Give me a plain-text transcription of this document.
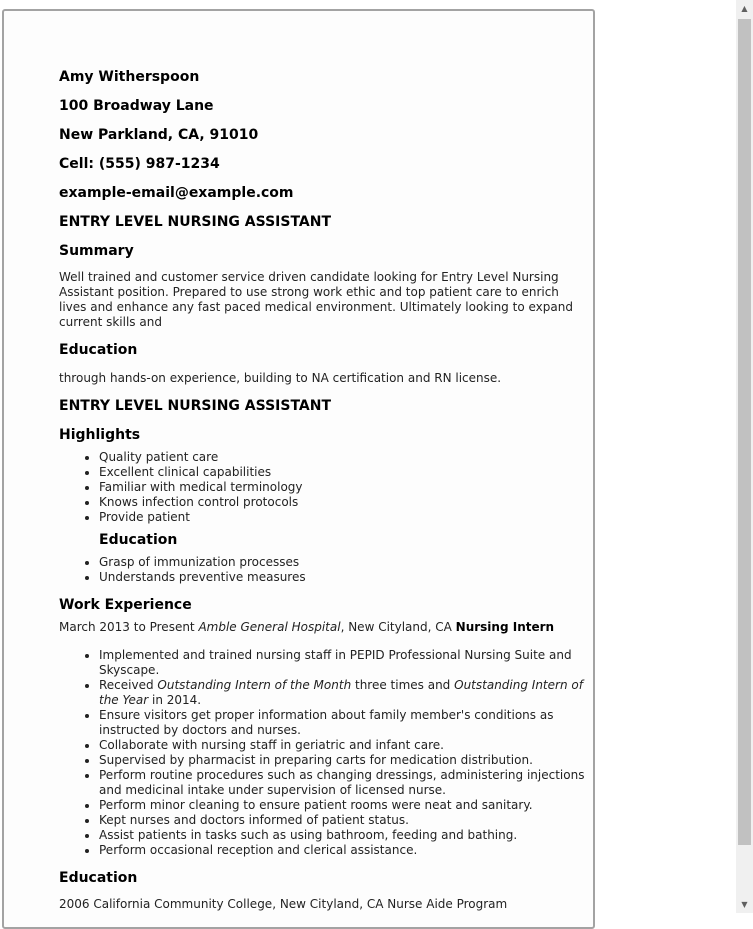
Amy Witherspoon
100 Broadway Lane
New Parkland, CA, 91010
Cell: (555) 987-1234
example-email@example.com
ENTRY LEVEL NURSING ASSISTANT
Summary
Well trained and customer service driven candidate looking for Entry Level Nursing Assistant position. Prepared to use strong work ethic and top patient care to enrich lives and enhance any fast paced medical environment. Ultimately looking to expand current skills and
Education
through hands-on experience, building to NA certification and RN license.
ENTRY LEVEL NURSING ASSISTANT
Highlights
• Quality patient care
• Excellent clinical capabilities
• Familiar with medical terminology
• Knows infection control protocols
• Provide patient
Education
• Grasp of immunization processes
• Understands preventive measures
Work Experience
March 2013 to Present Amble General Hospital, New Cityland, CA Nursing Intern
• Implemented and trained nursing staff in PEPID Professional Nursing Suite and Skyscape.
• Received Outstanding Intern of the Month three times and Outstanding Intern of the Year in 2014.
• Ensure visitors get proper information about family member's conditions as instructed by doctors and nurses.
• Collaborate with nursing staff in geriatric and infant care.
• Supervised by pharmacist in preparing carts for medication distribution.
• Perform routine procedures such as changing dressings, administering injections and medicinal intake under supervision of licensed nurse.
• Perform minor cleaning to ensure patient rooms were neat and sanitary.
• Kept nurses and doctors informed of patient status.
• Assist patients in tasks such as using bathroom, feeding and bathing.
• Perform occasional reception and clerical assistance.
Education
2006 California Community College, New Cityland, CA Nurse Aide Program
▲
▼
